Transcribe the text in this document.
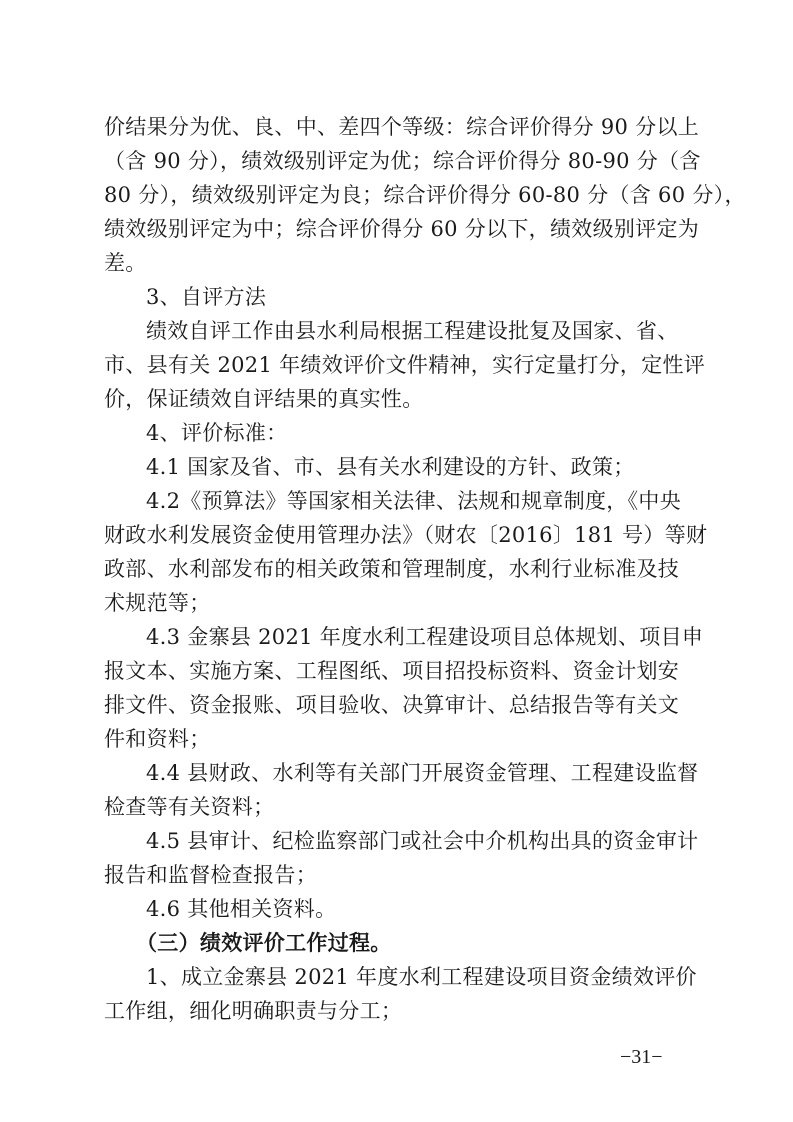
价结果分为优、良、中、差四个等级：综合评价得分 90 分以上
（含 90 分），绩效级别评定为优；综合评价得分 80-90 分（含
80 分），绩效级别评定为良；综合评价得分 60-80 分（含 60 分），
绩效级别评定为中；综合评价得分 60 分以下，绩效级别评定为
差。
3、自评方法
绩效自评工作由县水利局根据工程建设批复及国家、省、
市、县有关 2021 年绩效评价文件精神，实行定量打分，定性评
价，保证绩效自评结果的真实性。
4、评价标准：
4.1 国家及省、市、县有关水利建设的方针、政策；
4.2《预算法》等国家相关法律、法规和规章制度，《中央
财政水利发展资金使用管理办法》（财农〔2016〕181 号）等财
政部、水利部发布的相关政策和管理制度，水利行业标准及技
术规范等；
4.3 金寨县 2021 年度水利工程建设项目总体规划、项目申
报文本、实施方案、工程图纸、项目招投标资料、资金计划安
排文件、资金报账、项目验收、决算审计、总结报告等有关文
件和资料；
4.4 县财政、水利等有关部门开展资金管理、工程建设监督
检查等有关资料；
4.5 县审计、纪检监察部门或社会中介机构出具的资金审计
报告和监督检查报告；
4.6 其他相关资料。
（三）绩效评价工作过程。
1、成立金寨县 2021 年度水利工程建设项目资金绩效评价
工作组，细化明确职责与分工；
−31−
